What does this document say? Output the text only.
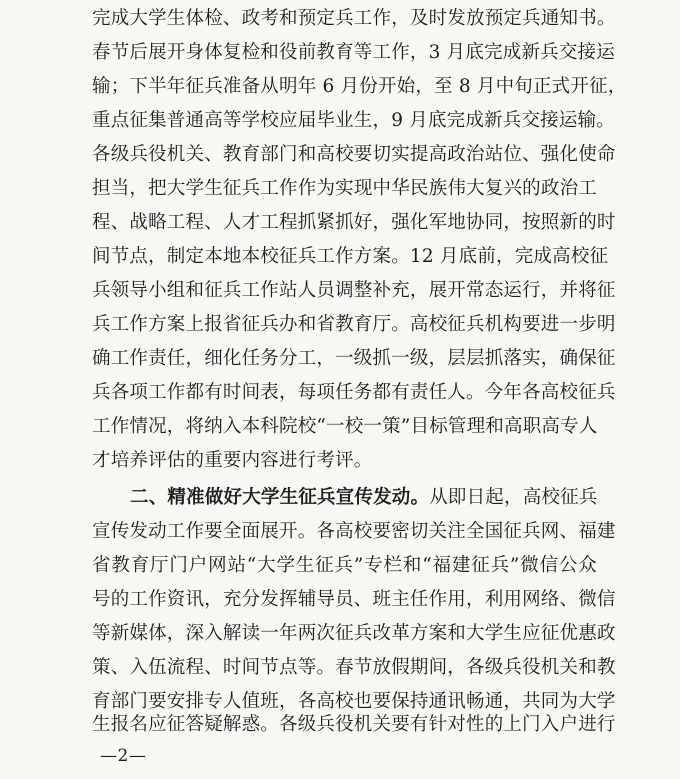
完成大学生体检、政考和预定兵工作，及时发放预定兵通知书。
春节后展开身体复检和役前教育等工作，3 月底完成新兵交接运
输；下半年征兵准备从明年 6 月份开始，至 8 月中旬正式开征，
重点征集普通高等学校应届毕业生，9 月底完成新兵交接运输。
各级兵役机关、教育部门和高校要切实提高政治站位、强化使命
担当，把大学生征兵工作作为实现中华民族伟大复兴的政治工
程、战略工程、人才工程抓紧抓好，强化军地协同，按照新的时
间节点，制定本地本校征兵工作方案。12 月底前，完成高校征
兵领导小组和征兵工作站人员调整补充，展开常态运行，并将征
兵工作方案上报省征兵办和省教育厅。高校征兵机构要进一步明
确工作责任，细化任务分工，一级抓一级，层层抓落实，确保征
兵各项工作都有时间表，每项任务都有责任人。今年各高校征兵
工作情况，将纳入本科院校“一校一策”目标管理和高职高专人
才培养评估的重要内容进行考评。
二、精准做好大学生征兵宣传发动。从即日起，高校征兵
宣传发动工作要全面展开。各高校要密切关注全国征兵网、福建
省教育厅门户网站“大学生征兵”专栏和“福建征兵”微信公众
号的工作资讯，充分发挥辅导员、班主任作用，利用网络、微信
等新媒体，深入解读一年两次征兵改革方案和大学生应征优惠政
策、入伍流程、时间节点等。春节放假期间，各级兵役机关和教
育部门要安排专人值班，各高校也要保持通讯畅通，共同为大学
生报名应征答疑解惑。各级兵役机关要有针对性的上门入户进行
—2—
